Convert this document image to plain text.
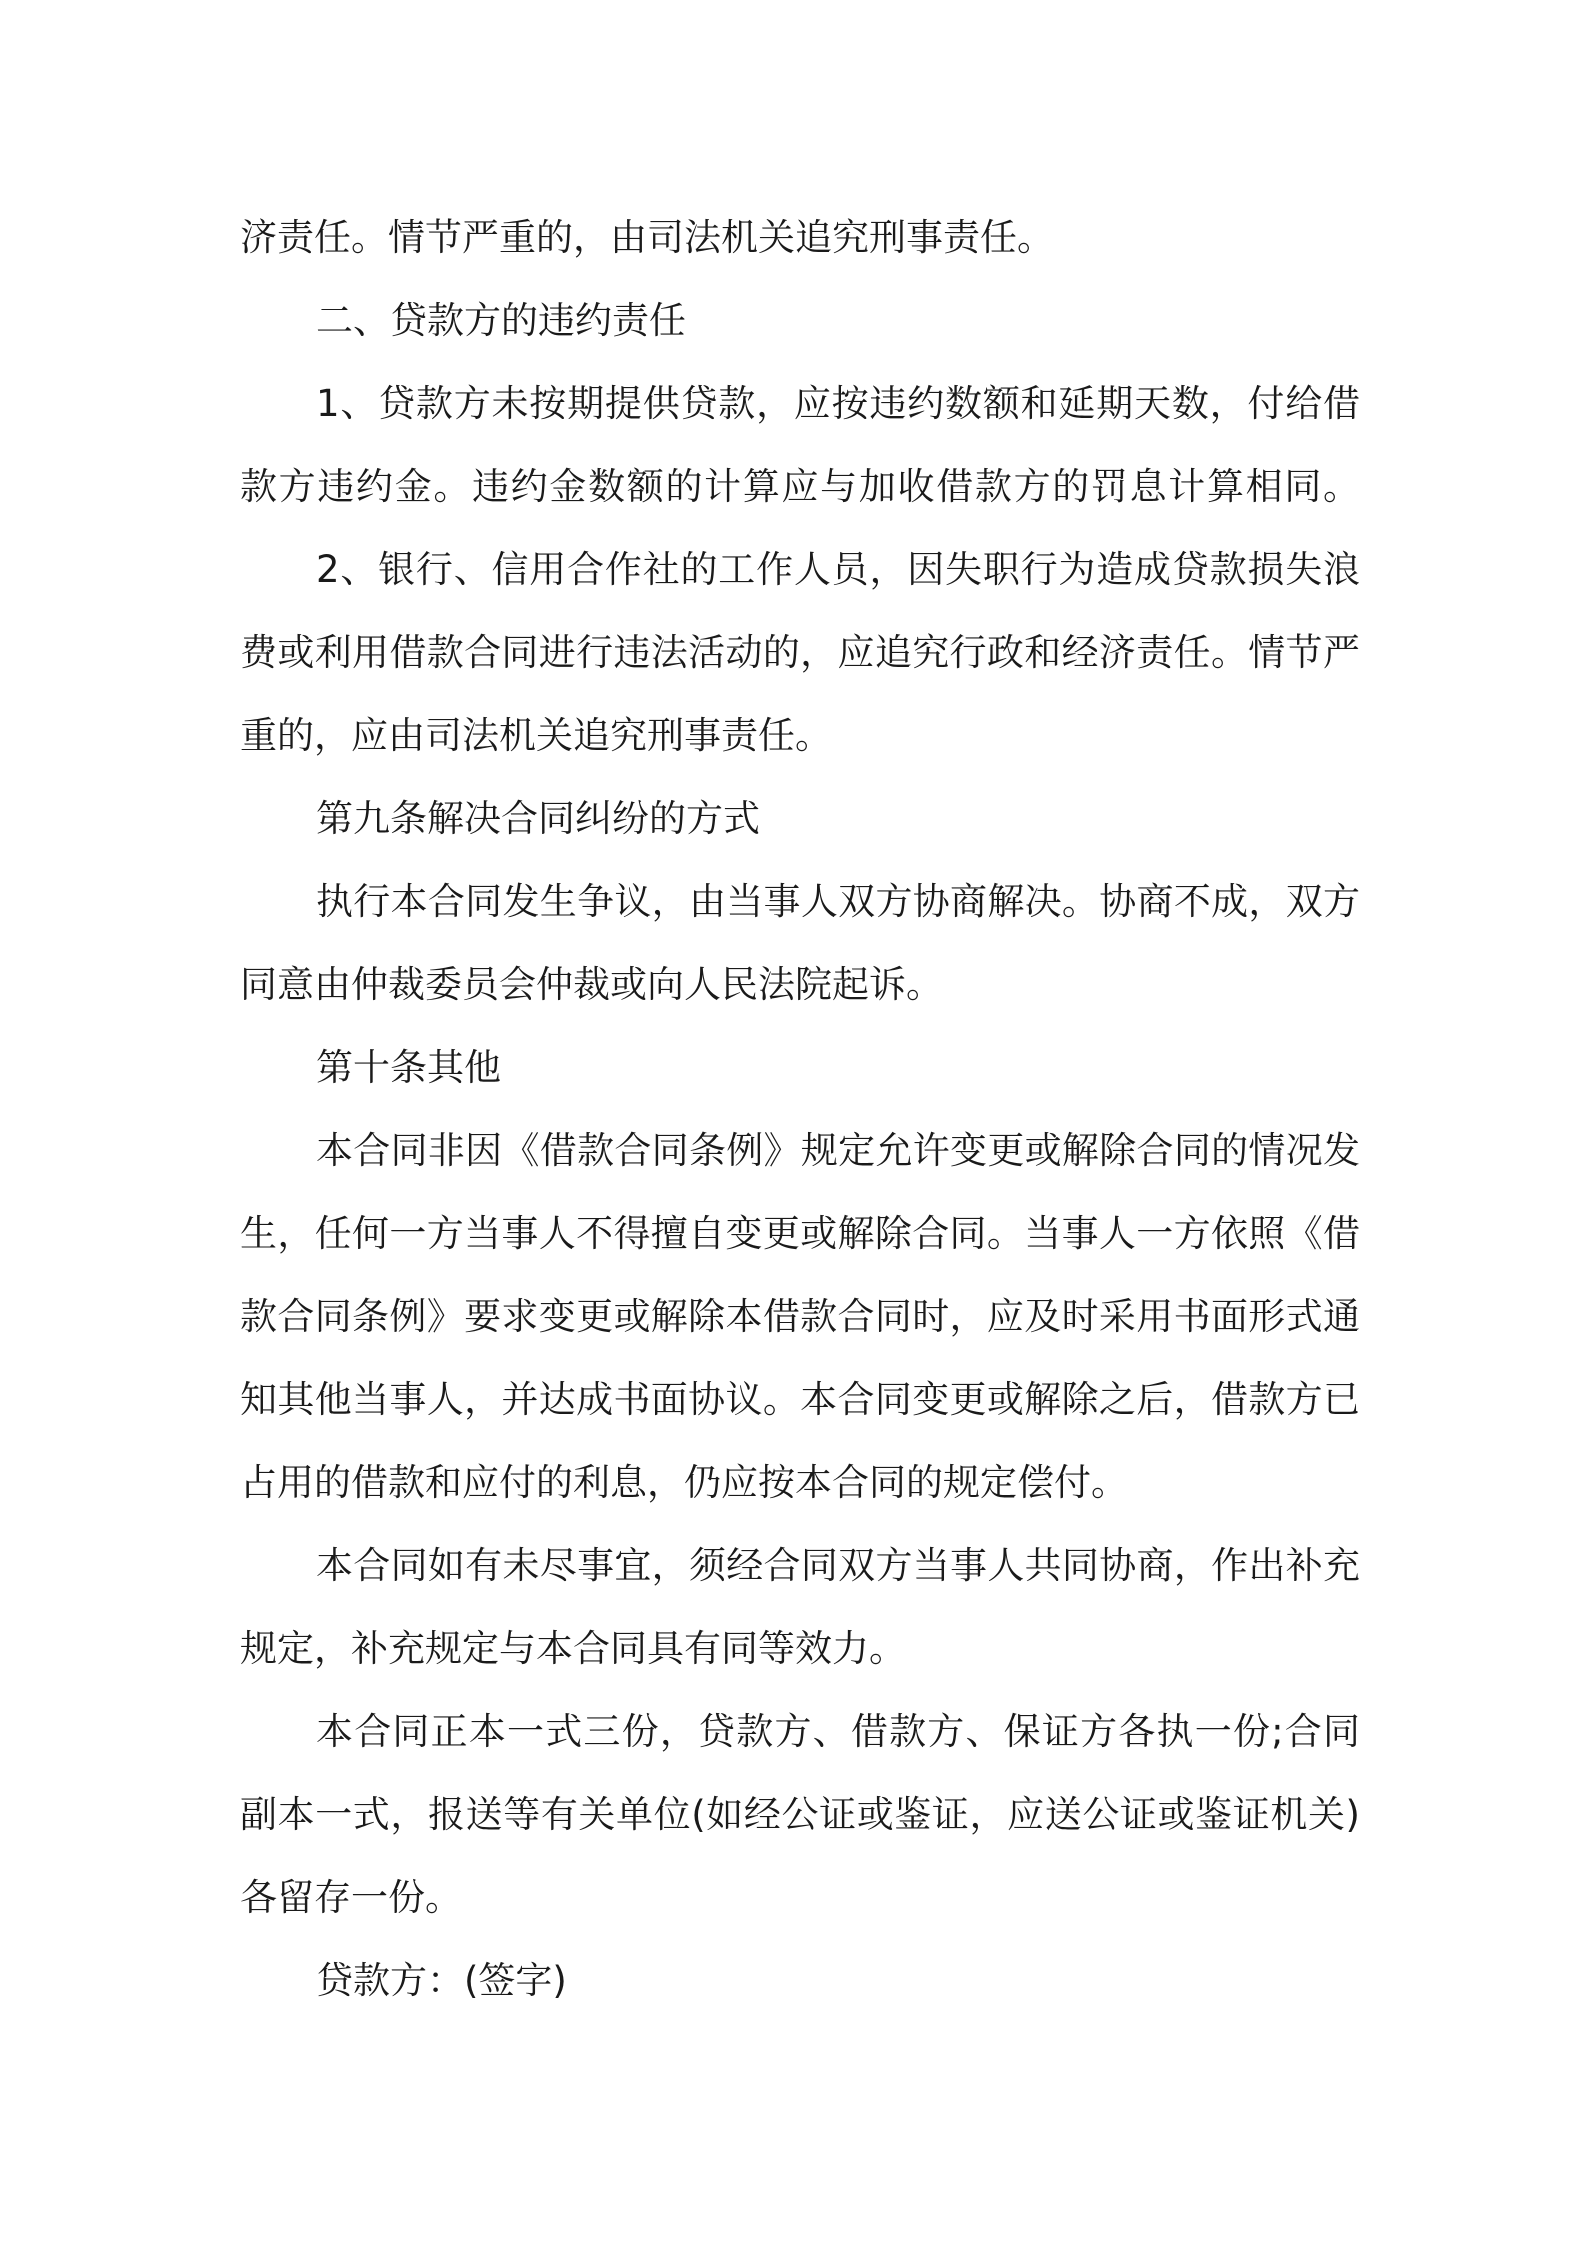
济责任。情节严重的，由司法机关追究刑事责任。

二、贷款方的违约责任

1、贷款方未按期提供贷款，应按违约数额和延期天数，付给借
款方违约金。违约金数额的计算应与加收借款方的罚息计算相同。

2、银行、信用合作社的工作人员，因失职行为造成贷款损失浪
费或利用借款合同进行违法活动的，应追究行政和经济责任。情节严
重的，应由司法机关追究刑事责任。

第九条解决合同纠纷的方式

执行本合同发生争议，由当事人双方协商解决。协商不成，双方
同意由仲裁委员会仲裁或向人民法院起诉。

第十条其他

本合同非因《借款合同条例》规定允许变更或解除合同的情况发
生，任何一方当事人不得擅自变更或解除合同。当事人一方依照《借
款合同条例》要求变更或解除本借款合同时，应及时采用书面形式通
知其他当事人，并达成书面协议。本合同变更或解除之后，借款方已
占用的借款和应付的利息，仍应按本合同的规定偿付。

本合同如有未尽事宜，须经合同双方当事人共同协商，作出补充
规定，补充规定与本合同具有同等效力。

本合同正本一式三份，贷款方、借款方、保证方各执一份;合同
副本一式，报送等有关单位(如经公证或鉴证，应送公证或鉴证机关)
各留存一份。

贷款方：(签字)
